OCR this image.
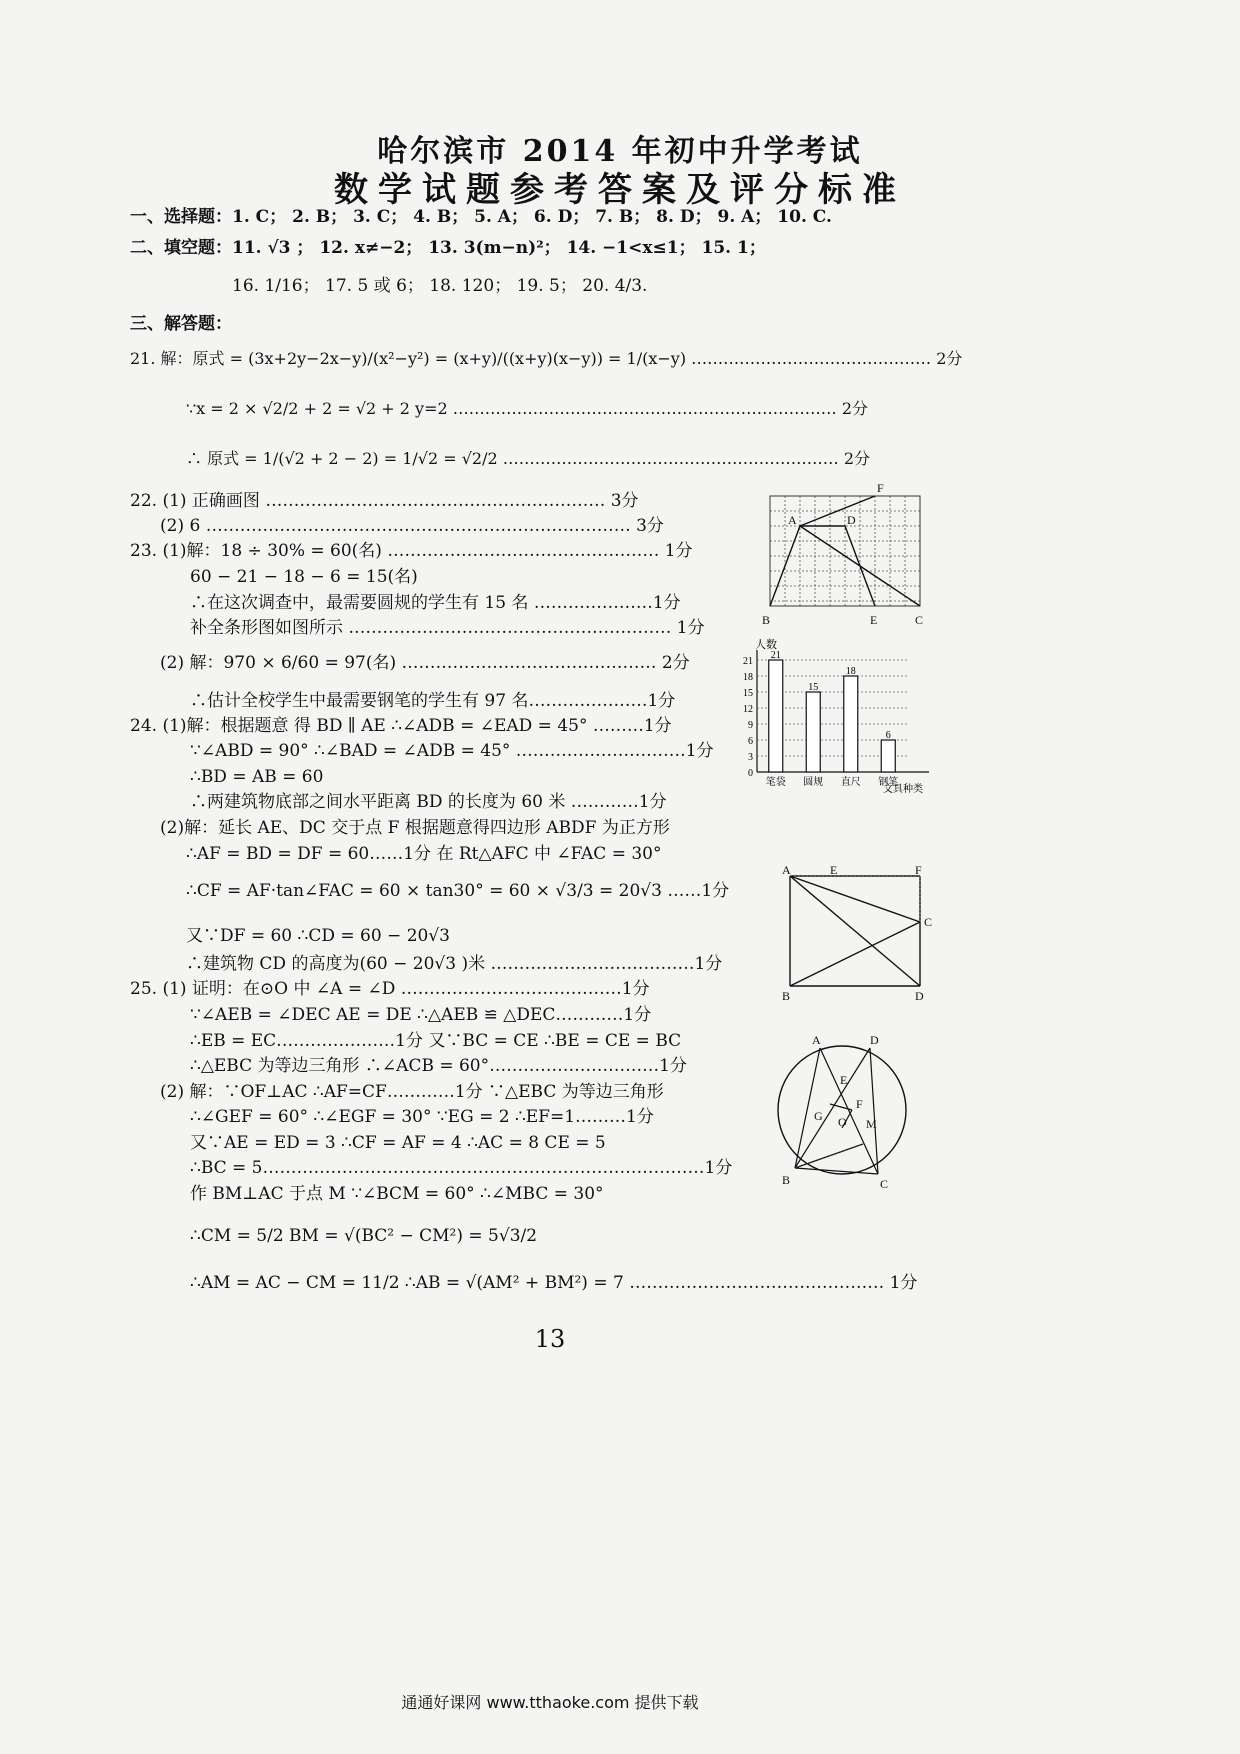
哈尔滨市 2014 年初中升学考试
数学试题参考答案及评分标准
一、选择题：1. C； 2. B； 3. C； 4. B； 5. A； 6. D； 7. B； 8. D； 9. A； 10. C.
二、填空题：11. √3 ； 12. x≠−2； 13. 3(m−n)²； 14. −1<x≤1； 15. 1；
16. 1/16； 17. 5 或 6； 18. 120； 19. 5； 20. 4/3.
三、解答题：
21. 解：原式 = (3x+2y−2x−y)/(x²−y²) = (x+y)/((x+y)(x−y)) = 1/(x−y) ……………………………………… 2分
∵x = 2 × √2/2 + 2 = √2 + 2 y=2 ……………………………………………………………… 2分
∴ 原式 = 1/(√2 + 2 − 2) = 1/√2 = √2/2 ……………………………………………………… 2分
22. (1) 正确画图 …………………………………………………… 3分
(2) 6 ………………………………………………………………… 3分
23. (1)解：18 ÷ 30% = 60(名) ………………………………………… 1分
60 − 21 − 18 − 6 = 15(名)
∴在这次调查中，最需要圆规的学生有 15 名 …………………1分
补全条形图如图所示 ………………………………………………… 1分
(2) 解：970 × 6/60 = 97(名) ……………………………………… 2分
∴估计全校学生中最需要钢笔的学生有 97 名…………………1分
24. (1)解：根据题意 得 BD ∥ AE ∴∠ADB = ∠EAD = 45° ………1分
∵∠ABD = 90° ∴∠BAD = ∠ADB = 45° …………………………1分
∴BD = AB = 60
∴两建筑物底部之间水平距离 BD 的长度为 60 米 …………1分
(2)解：延长 AE、DC 交于点 F 根据题意得四边形 ABDF 为正方形
∴AF = BD = DF = 60……1分 在 Rt△AFC 中 ∠FAC = 30°
∴CF = AF·tan∠FAC = 60 × tan30° = 60 × √3/3 = 20√3 ……1分
又∵DF = 60 ∴CD = 60 − 20√3
∴建筑物 CD 的高度为(60 − 20√3 )米 ………………………………1分
25. (1) 证明：在⊙O 中 ∠A = ∠D …………………………………1分
∵∠AEB = ∠DEC AE = DE ∴△AEB ≌ △DEC…………1分
∴EB = EC…………………1分 又∵BC = CE ∴BE = CE = BC
∴△EBC 为等边三角形 ∴∠ACB = 60°…………………………1分
(2) 解：∵OF⊥AC ∴AF=CF…………1分 ∵△EBC 为等边三角形
∴∠GEF = 60° ∴∠EGF = 30° ∵EG = 2 ∴EF=1………1分
又∵AE = ED = 3 ∴CF = AF = 4 ∴AC = 8 CE = 5
∴BC = 5……………………………………………………………………1分
作 BM⊥AC 于点 M ∵∠BCM = 60° ∴∠MBC = 30°
∴CM = 5/2 BM = √(BC² − CM²) = 5√3/2
∴AM = AC − CM = 11/2 ∴AB = √(AM² + BM²) = 7 ……………………………………… 1分
F
A	D
B	E	C
人数
文具种类
0
3
6
9
12
15
18
21
21
笔袋
15
圆规
18
直尺
6
钢笔
A	E	F
C
B	D
A	D
E
F
G O M
B	C
13
通通好课网 www.tthaoke.com 提供下载
